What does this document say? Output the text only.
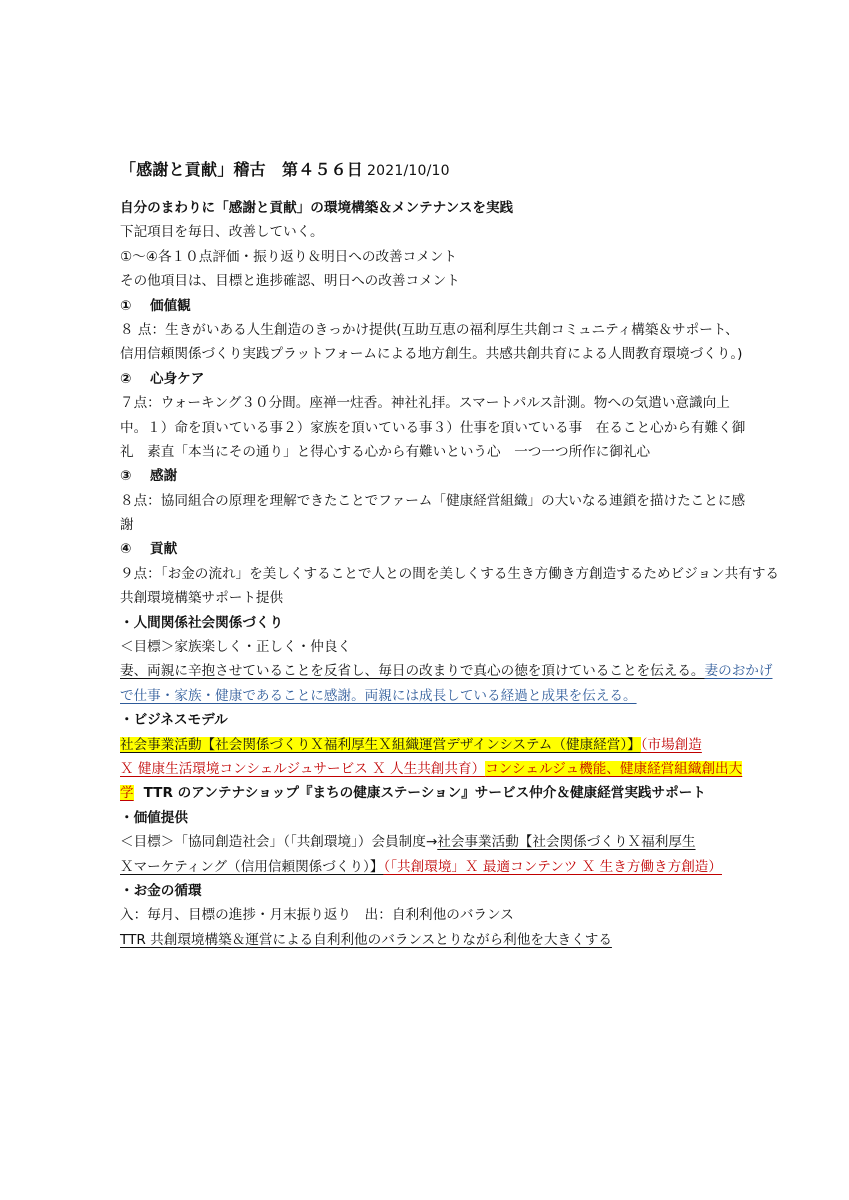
「感謝と貢献」稽古　第４５６日 2021/10/10
自分のまわりに「感謝と貢献」の環境構築＆メンテナンスを実践
下記項目を毎日、改善していく。
①～④各１０点評価・振り返り＆明日への改善コメント
その他項目は、目標と進捗確認、明日への改善コメント
① 価値観
８ 点：生きがいある人生創造のきっかけ提供(互助互恵の福利厚生共創コミュニティ構築＆サポート、
信用信頼関係づくり実践プラットフォームによる地方創生。共感共創共育による人間教育環境づくり。)
② 心身ケア
７点：ウォーキング３０分間。座禅一炷香。神社礼拝。スマートパルス計測。物への気遣い意識向上
中。１）命を頂いている事２）家族を頂いている事３）仕事を頂いている事　在ること心から有難く御
礼　素直「本当にその通り」と得心する心から有難いという心　一つ一つ所作に御礼心
③ 感謝
８点：協同組合の原理を理解できたことでファーム「健康経営組織」の大いなる連鎖を描けたことに感
謝
④ 貢献
９点：「お金の流れ」を美しくすることで人との間を美しくする生き方働き方創造するためビジョン共有する
共創環境構築サポート提供
・人間関係社会関係づくり
＜目標＞家族楽しく・正しく・仲良く
妻、両親に辛抱させていることを反省し、毎日の改まりで真心の徳を頂けていることを伝える。妻のおかげ
で仕事・家族・健康であることに感謝。両親には成長している経過と成果を伝える。
・ビジネスモデル
社会事業活動【社会関係づくりＸ福利厚生Ｘ組織運営デザインシステム（健康経営）】（市場創造
Ｘ 健康生活環境コンシェルジュサービス Ｘ 人生共創共育）コンシェルジュ機能、健康経営組織創出大
学 TTR のアンテナショップ『まちの健康ステーション』サービス仲介＆健康経営実践サポート
・価値提供
＜目標＞「協同創造社会」（「共創環境」）会員制度→社会事業活動【社会関係づくりＸ福利厚生
Ｘマーケティング（信用信頼関係づくり）】（「共創環境」Ｘ 最適コンテンツ Ｘ 生き方働き方創造）
・お金の循環
入：毎月、目標の進捗・月末振り返り　出：自利利他のバランス
TTR 共創環境構築＆運営による自利利他のバランスとりながら利他を大きくする
